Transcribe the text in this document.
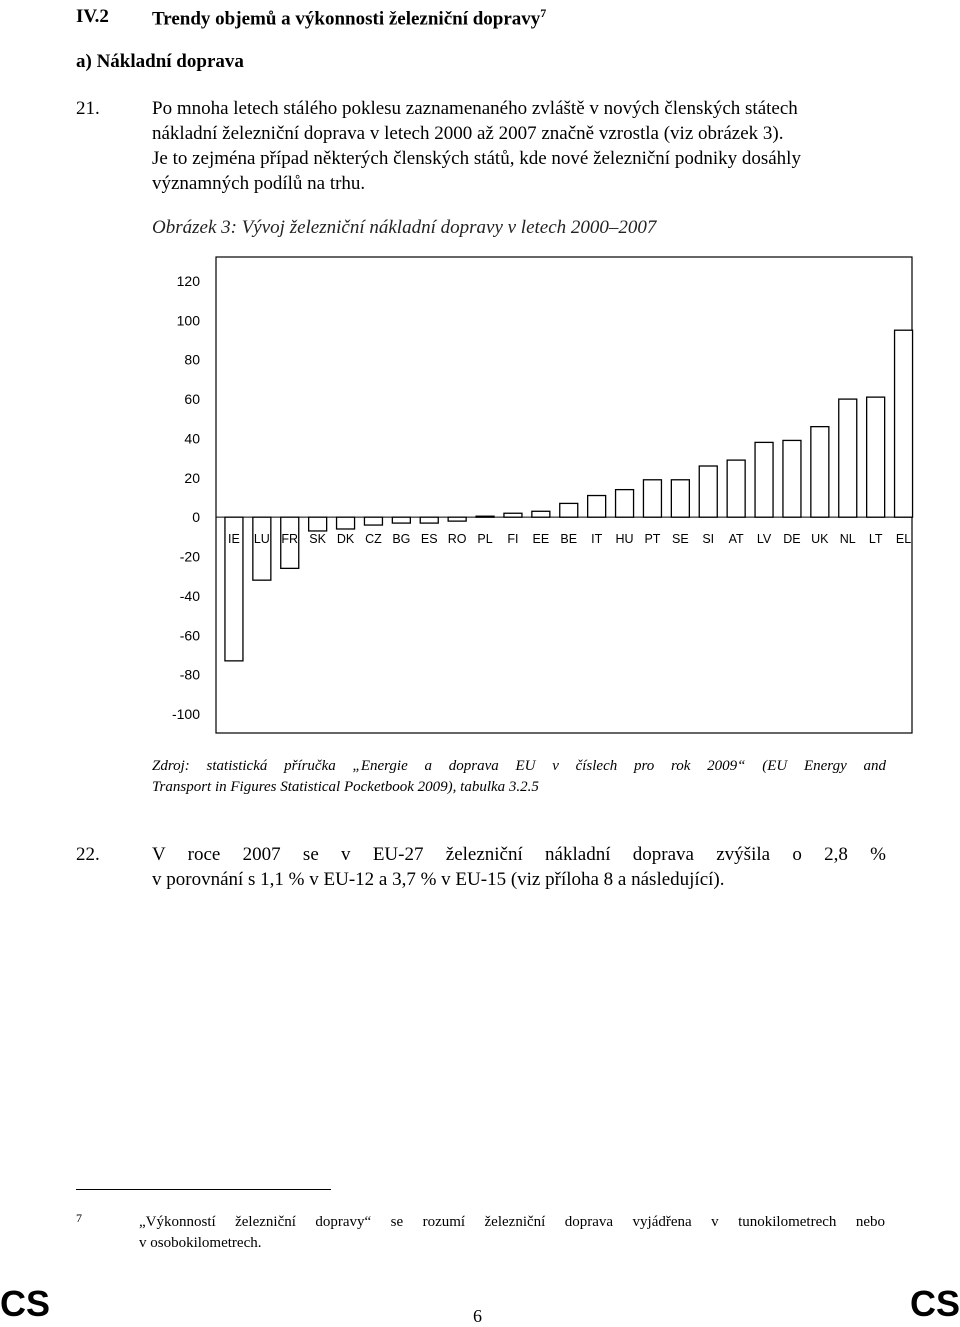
IV.2 Trendy objemů a výkonnosti železniční dopravy$^7$
a) Nákladní doprava
21.	Po mnoha letech stálého poklesu zaznamenaného zvláště v nových členských státech
nákladní železniční doprava v letech 2000 až 2007 značně vzrostla (viz obrázek 3).
Je to zejména případ některých členských států, kde nové železniční podniky dosáhly
významných podílů na trhu.
Obrázek 3: Vývoj železniční nákladní dopravy v letech 2000–2007
120
100
80
60
40
20
0
-20
-40
-60
-80
-100
IE LU FR SK DK CZ BG ES RO PL FI EE BE IT HU PT SE SI AT LV DE UK NL LT EL
Zdroj: statistická příručka „Energie a doprava EU v číslech pro rok 2009“ (EU Energy and
Transport in Figures Statistical Pocketbook 2009), tabulka 3.2.5
22.	V roce 2007 se v EU-27 železniční nákladní doprava zvýšila o 2,8 %
v porovnání s 1,1 % v EU-12 a 3,7 % v EU-15 (viz příloha 8 a následující).
7	„Výkonností železniční dopravy“ se rozumí železniční doprava vyjádřena v tunokilometrech nebo
v osobokilometrech.
CS	6	CS
